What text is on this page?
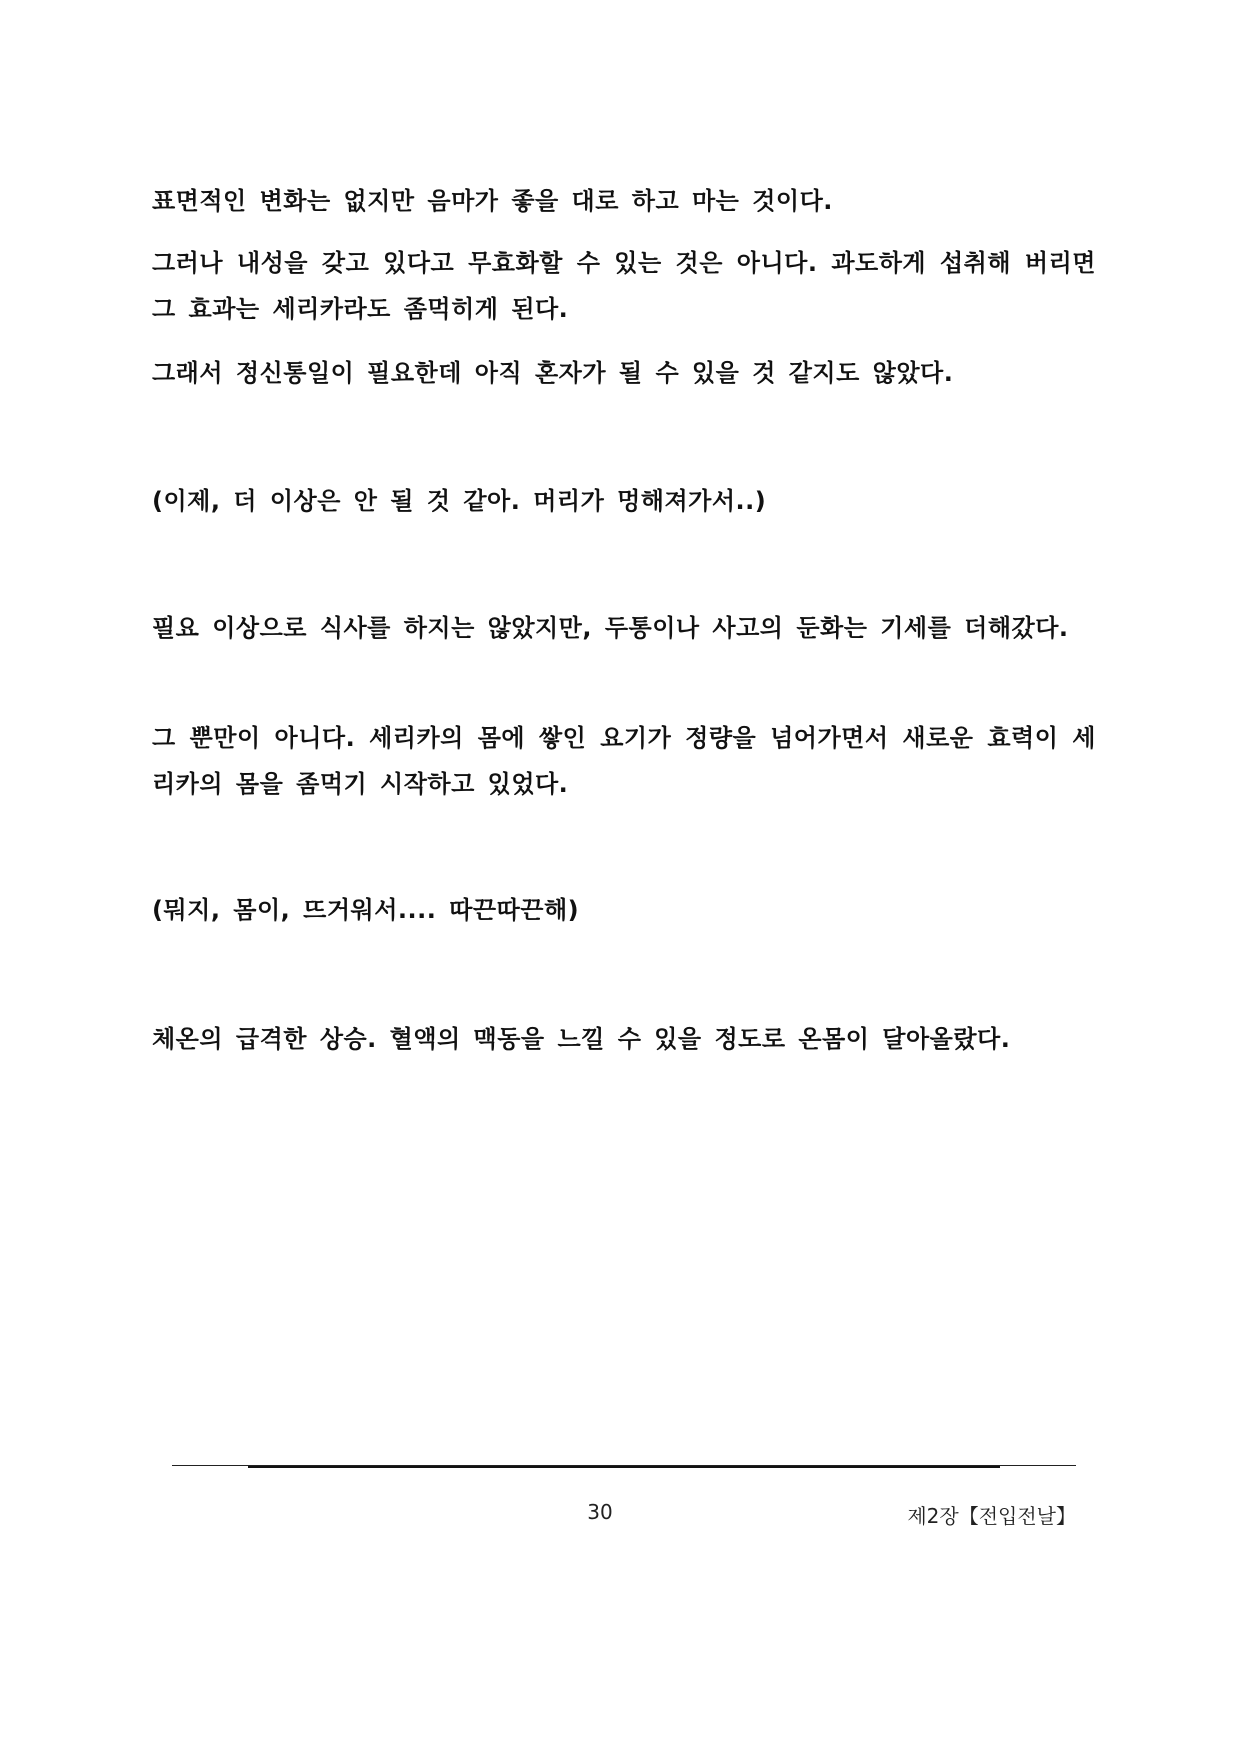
표면적인 변화는 없지만 음마가 좋을 대로 하고 마는 것이다.

그러나 내성을 갖고 있다고 무효화할 수 있는 것은 아니다. 과도하게 섭취해 버리면 그 효과는 세리카라도 좀먹히게 된다.

그래서 정신통일이 필요한데 아직 혼자가 될 수 있을 것 같지도 않았다.

(이제, 더 이상은 안 될 것 같아. 머리가 멍해져가서..)

필요 이상으로 식사를 하지는 않았지만, 두통이나 사고의 둔화는 기세를 더해갔다.

그 뿐만이 아니다. 세리카의 몸에 쌓인 요기가 정량을 넘어가면서 새로운 효력이 세리카의 몸을 좀먹기 시작하고 있었다.

(뭐지, 몸이, 뜨거워서.... 따끈따끈해)

체온의 급격한 상승. 혈액의 맥동을 느낄 수 있을 정도로 온몸이 달아올랐다.

30	제2장【전입전날】
